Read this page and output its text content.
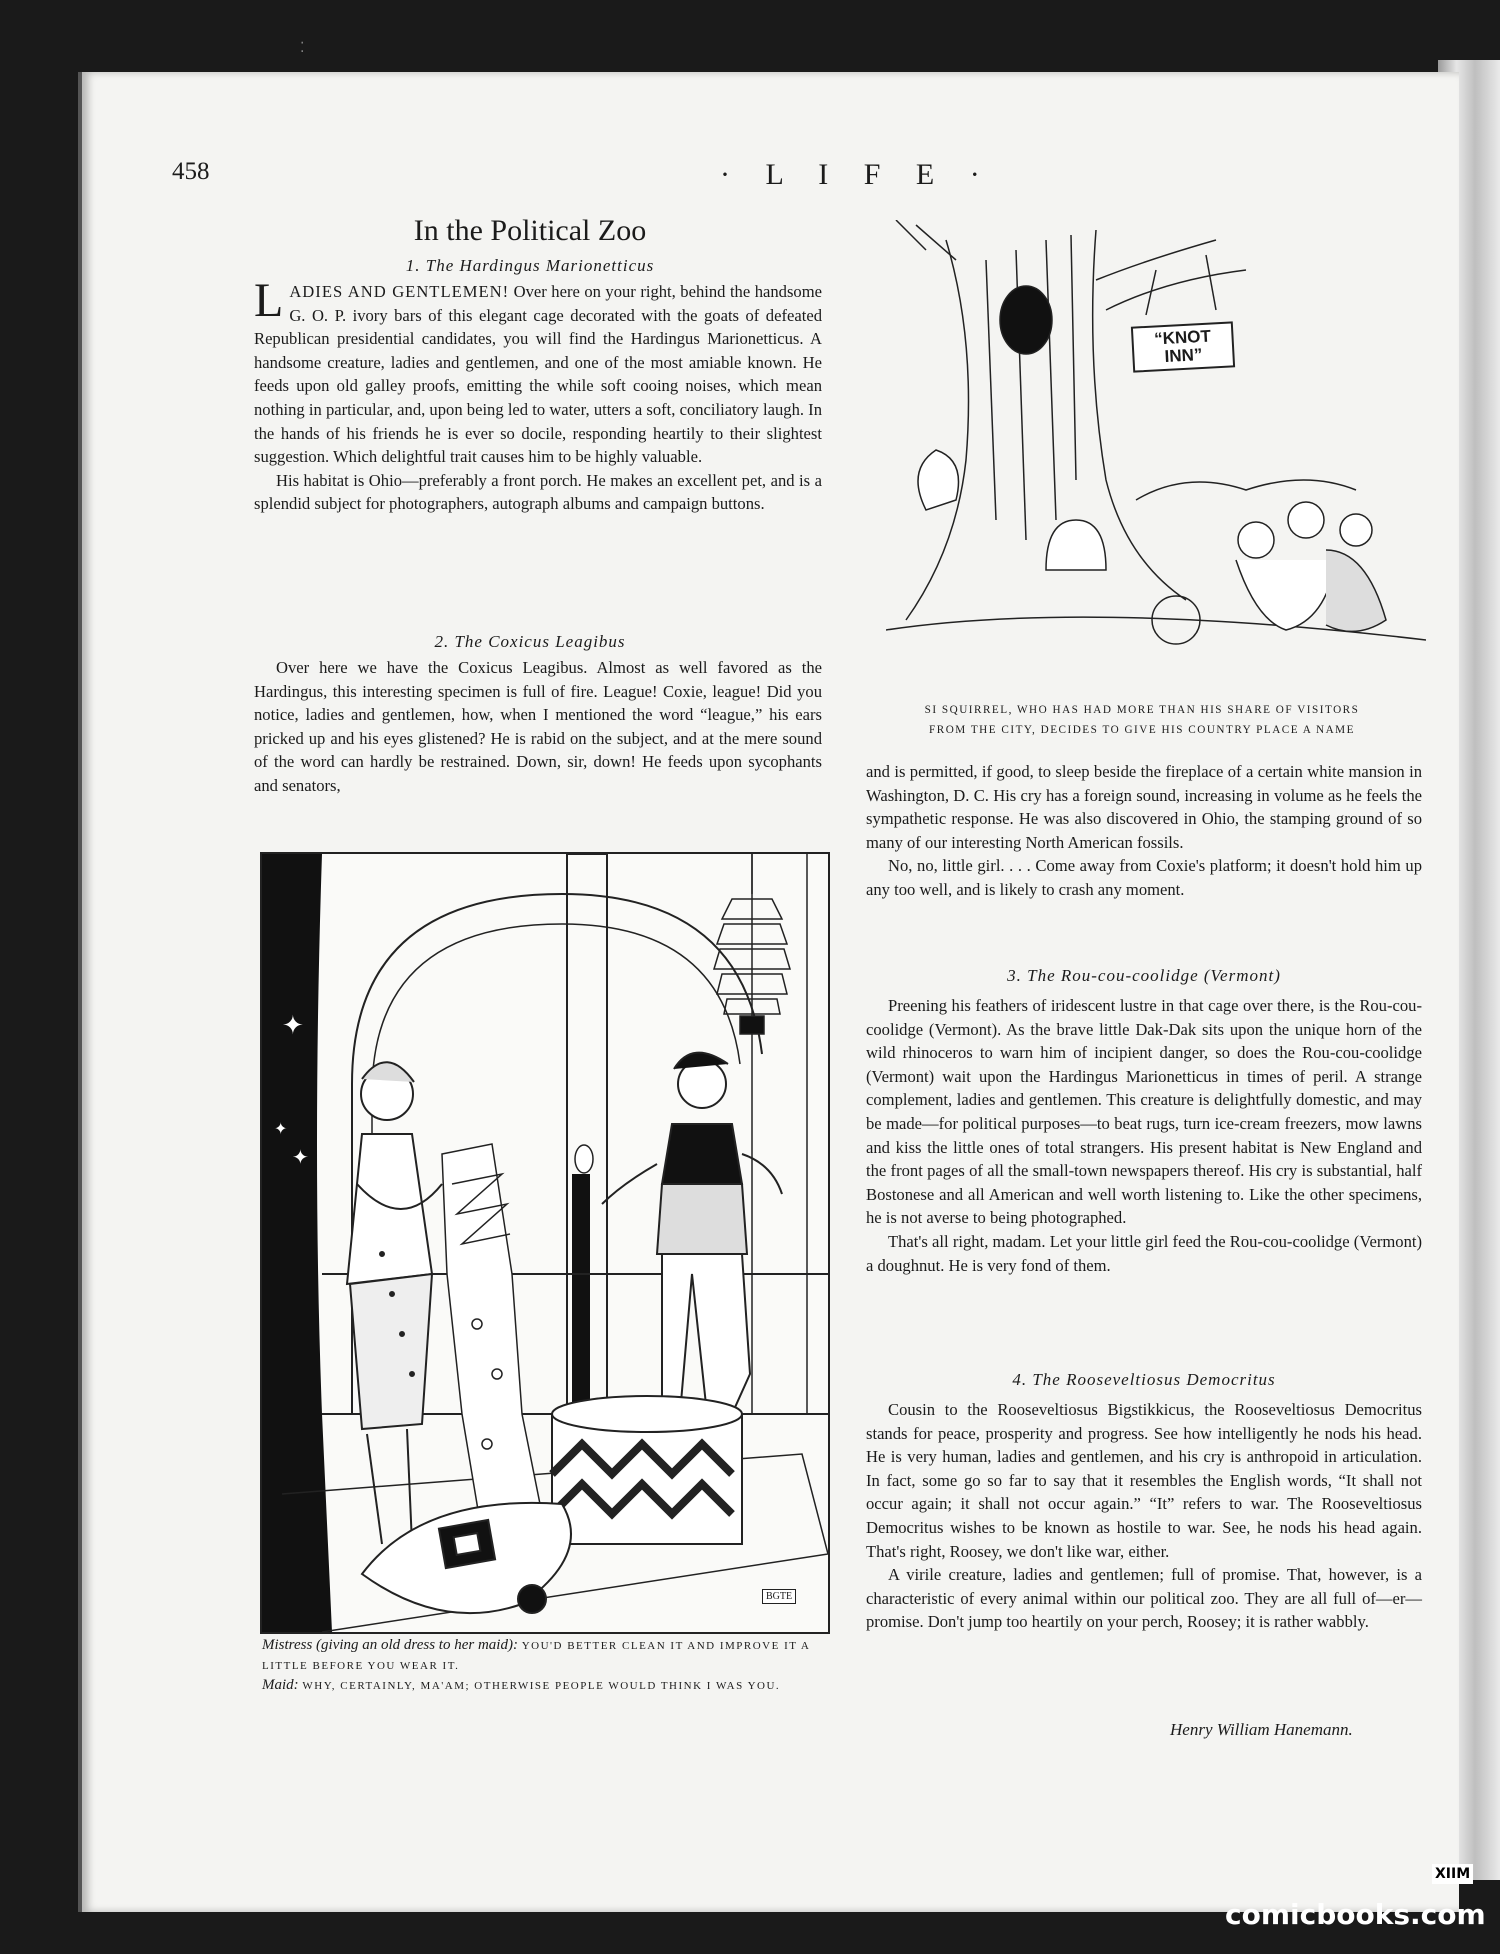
⁚
458	· L I F E ·
In the Political Zoo
1. The Hardingus Marionetticus

LADIES AND GENTLEMEN! Over here on your right, behind the handsome G. O. P. ivory bars of this elegant cage decorated with the goats of defeated Republican presidential candidates, you will find the Hardingus Marionetticus. A handsome creature, ladies and gentlemen, and one of the most amiable known. He feeds upon old galley proofs, emitting the while soft cooing noises, which mean nothing in particular, and, upon being led to water, utters a soft, conciliatory laugh. In the hands of his friends he is ever so docile, responding heartily to their slightest suggestion. Which delightful trait causes him to be highly valuable.

His habitat is Ohio—preferably a front porch. He makes an excellent pet, and is a splendid subject for photographers, autograph albums and campaign buttons.

2. The Coxicus Leagibus

Over here we have the Coxicus Leagibus. Almost as well favored as the Hardingus, this interesting specimen is full of fire. League! Coxie, league! Did you notice, ladies and gentlemen, how, when I mentioned the word “league,” his ears pricked up and his eyes glistened? He is rabid on the subject, and at the mere sound of the word can hardly be restrained. Down, sir, down! He feeds upon sycophants and senators,

✦
✦
✦
BGTE
Mistress (giving an old dress to her maid): YOU'D BETTER CLEAN IT AND IMPROVE IT A LITTLE BEFORE YOU WEAR IT.
Maid: WHY, CERTAINLY, MA'AM; OTHERWISE PEOPLE WOULD THINK I WAS YOU.
“KNOT
INN”
SI SQUIRREL, WHO HAS HAD MORE THAN HIS SHARE OF VISITORS
FROM THE CITY, DECIDES TO GIVE HIS COUNTRY PLACE A NAME

and is permitted, if good, to sleep beside the fireplace of a certain white mansion in Washington, D. C. His cry has a foreign sound, increasing in volume as he feels the sympathetic response. He was also discovered in Ohio, the stamping ground of so many of our interesting North American fossils.

No, no, little girl. . . . Come away from Coxie's platform; it doesn't hold him up any too well, and is likely to crash any moment.

3. The Rou-cou-coolidge (Vermont)

Preening his feathers of iridescent lustre in that cage over there, is the Rou-cou-coolidge (Vermont). As the brave little Dak-Dak sits upon the unique horn of the wild rhinoceros to warn him of incipient danger, so does the Rou-cou-coolidge (Vermont) wait upon the Hardingus Marionetticus in times of peril. A strange complement, ladies and gentlemen. This creature is delightfully domestic, and may be made—for political purposes—to beat rugs, turn ice-cream freezers, mow lawns and kiss the little ones of total strangers. His present habitat is New England and the front pages of all the small-town newspapers thereof. His cry is substantial, half Bostonese and all American and well worth listening to. Like the other specimens, he is not averse to being photographed.

That's all right, madam. Let your little girl feed the Rou-cou-coolidge (Vermont) a doughnut. He is very fond of them.

4. The Rooseveltiosus Democritus

Cousin to the Rooseveltiosus Bigstikkicus, the Rooseveltiosus Democritus stands for peace, prosperity and progress. See how intelligently he nods his head. He is very human, ladies and gentlemen, and his cry is anthropoid in articulation. In fact, some go so far to say that it resembles the English words, “It shall not occur again; it shall not occur again.” “It” refers to war. The Rooseveltiosus Democritus wishes to be known as hostile to war. See, he nods his head again. That's right, Roosey, we don't like war, either.

A virile creature, ladies and gentlemen; full of promise. That, however, is a characteristic of every animal within our political zoo. They are all full of—er—promise. Don't jump too heartily on your perch, Roosey; it is rather wabbly.

Henry William Hanemann.
comicbooks.com
XIIM
